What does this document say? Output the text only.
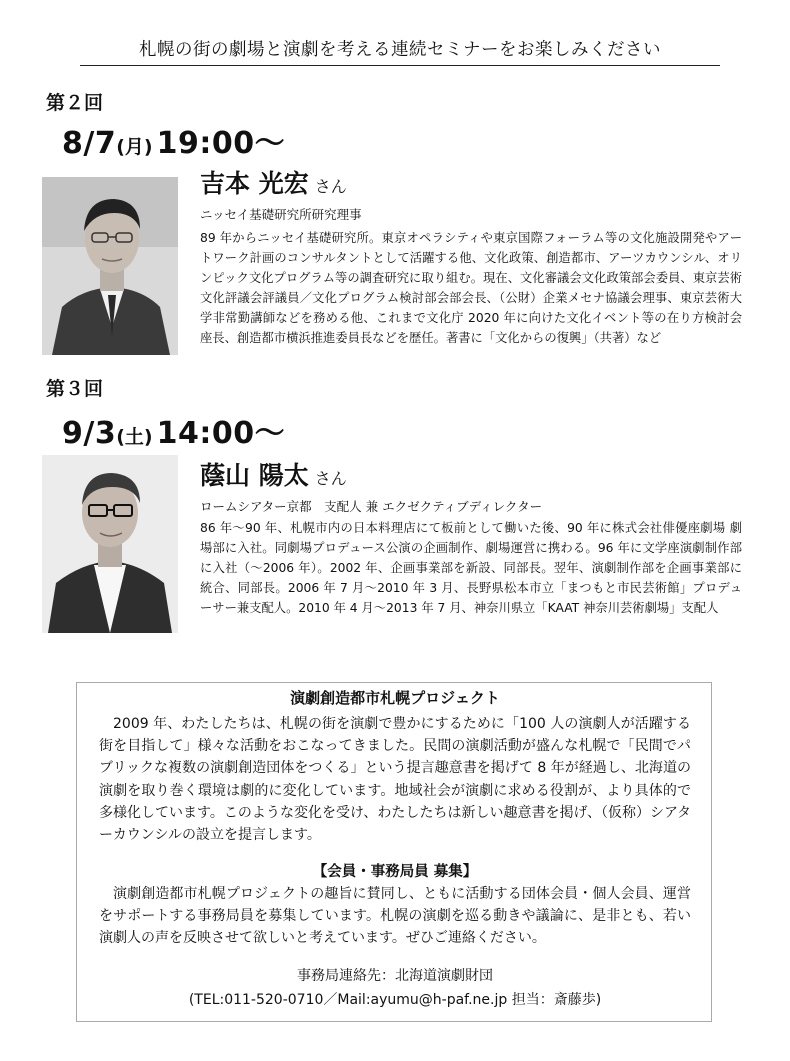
札幌の街の劇場と演劇を考える連続セミナーをお楽しみください
第２回
8/7(月) 19:00～
吉本 光宏 さん
ニッセイ基礎研究所研究理事

89 年からニッセイ基礎研究所。東京オペラシティや東京国際フォーラム等の文化施設開発やアートワーク計画のコンサルタントとして活躍する他、文化政策、創造都市、アーツカウンシル、オリンピック文化プログラム等の調査研究に取り組む。現在、文化審議会文化政策部会委員、東京芸術文化評議会評議員／文化プログラム検討部会部会長、（公財）企業メセナ協議会理事、東京芸術大学非常勤講師などを務める他、これまで文化庁 2020 年に向けた文化イベント等の在り方検討会座長、創造都市横浜推進委員長などを歴任。著書に「文化からの復興」（共著）など

第３回
9/3(土) 14:00～
蔭山 陽太 さん
ロームシアター京都　支配人 兼 エクゼクティブディレクター

86 年～90 年、札幌市内の日本料理店にて板前として働いた後、90 年に株式会社俳優座劇場 劇場部に入社。同劇場プロデュース公演の企画制作、劇場運営に携わる。96 年に文学座演劇制作部に入社（～2006 年）。2002 年、企画事業部を新設、同部長。翌年、演劇制作部を企画事業部に統合、同部長。2006 年 7 月～2010 年 3 月、長野県松本市立「まつもと市民芸術館」プロデューサー兼支配人。2010 年 4 月～2013 年 7 月、神奈川県立「KAAT 神奈川芸術劇場」支配人

演劇創造都市札幌プロジェクト

2009 年、わたしたちは、札幌の街を演劇で豊かにするために「100 人の演劇人が活躍する街を目指して」様々な活動をおこなってきました。民間の演劇活動が盛んな札幌で「民間でパブリックな複数の演劇創造団体をつくる」という提言趣意書を掲げて 8 年が経過し、北海道の演劇を取り巻く環境は劇的に変化しています。地域社会が演劇に求める役割が、より具体的で多様化しています。このような変化を受け、わたしたちは新しい趣意書を掲げ、（仮称）シアターカウンシルの設立を提言します。

【会員・事務局員 募集】

演劇創造都市札幌プロジェクトの趣旨に賛同し、ともに活動する団体会員・個人会員、運営をサポートする事務局員を募集しています。札幌の演劇を巡る動きや議論に、是非とも、若い演劇人の声を反映させて欲しいと考えています。ぜひご連絡ください。

事務局連絡先：北海道演劇財団
(TEL:011-520-0710／Mail:ayumu@h-paf.ne.jp 担当：斎藤歩)
